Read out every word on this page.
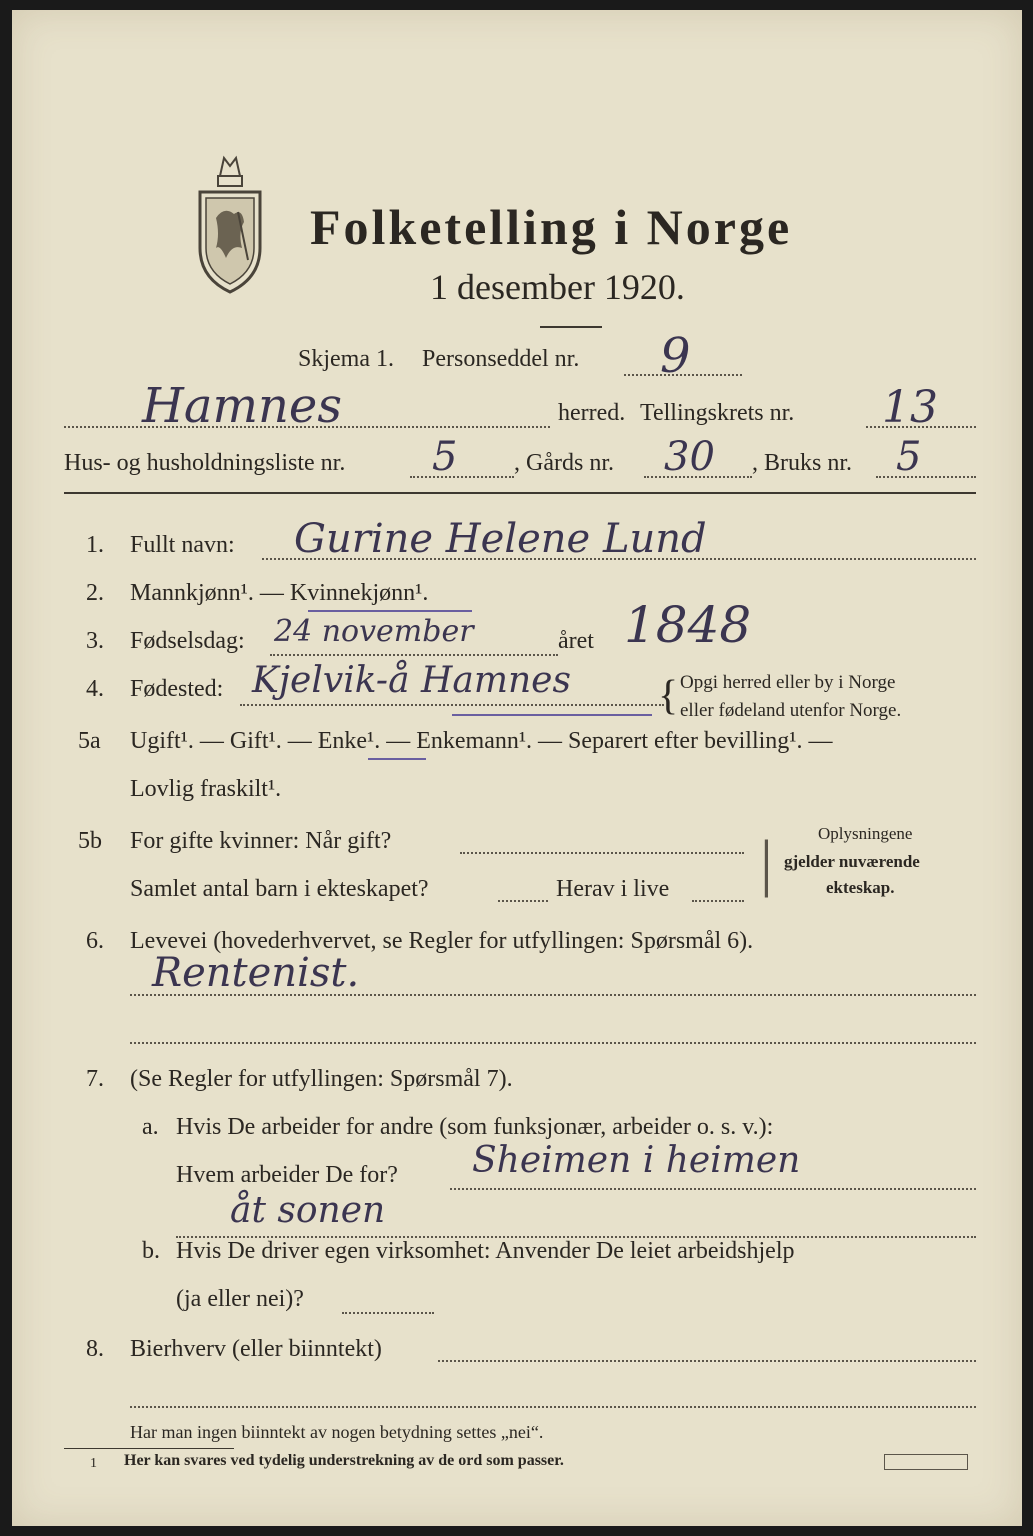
Folketelling i Norge
1 desember 1920.
Skjema 1. Personseddel nr. 9
Hamnes	herred. Tellingskrets nr. 13
Hus- og husholdningsliste nr. 5 , Gårds nr. 30 , Bruks nr. 5
1. Fullt navn: Gurine Helene Lund
2. Mannkjønn¹. — Kvinnekjønn¹.
3. Fødselsdag: 24 november	året 1848
4. Fødested: Kjelvik-å Hamnes { Opgi herred eller by i Norge
eller fødeland utenfor Norge.
5a Ugift¹. — Gift¹. — Enke¹. — Enkemann¹. — Separert efter bevilling¹. —
Lovlig fraskilt¹.
5b For gifte kvinner: Når gift?
Samlet antal barn i ekteskapet?	Herav i live |	Oplysningene
gjelder nuværende
ekteskap.
6. Levevei (hovederhvervet, se Regler for utfyllingen: Spørsmål 6).
Rentenist.
7. (Se Regler for utfyllingen: Spørsmål 7).
a. Hvis De arbeider for andre (som funksjonær, arbeider o. s. v.):
Hvem arbeider De for? Sheimen i heimen
åt sonen
b. Hvis De driver egen virksomhet: Anvender De leiet arbeidshjelp
(ja eller nei)?
8. Bierhverv (eller biinntekt)
Har man ingen biinntekt av nogen betydning settes „nei“.
1 Her kan svares ved tydelig understrekning av de ord som passer.
